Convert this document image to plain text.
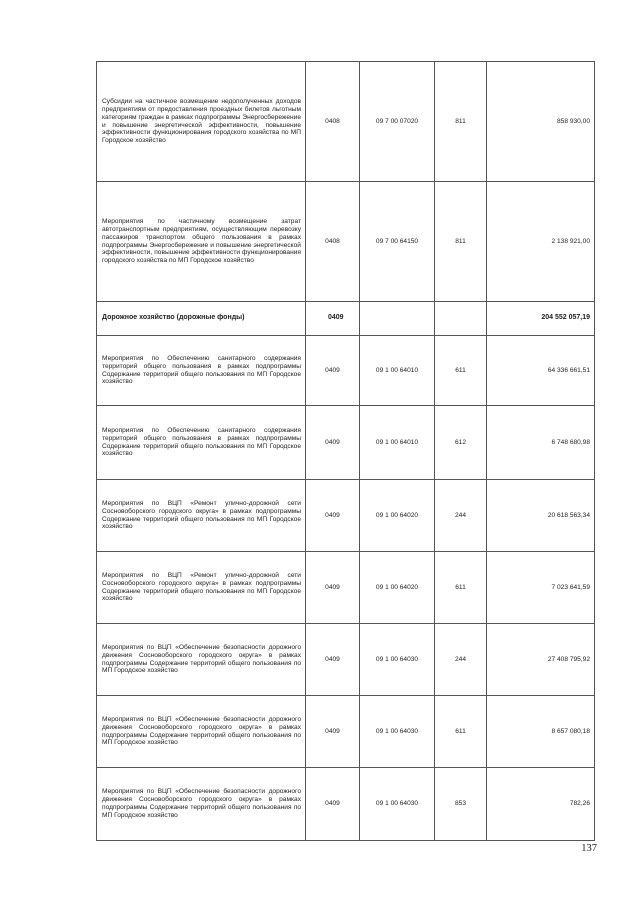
Субсидии на частичное возмещение недополученных доходов предприятиям от предоставления проездных билетов льготным категориям граждан в рамках подпрограммы Энергосбережение и повышение энергетической эффективности, повышение эффективности функционирования городского хозяйства по МП Городское хозяйство	0408	09 7 00 07020	811	858 930,00
Мероприятия по частичному возмещение затрат автотранспортным предприятиям, осуществляющим перевозку пассажиров транспортом общего пользования в рамках подпрограммы Энергосбережение и повышение энергетической эффективности, повышение эффективности функционирования городского хозяйства по МП Городское хозяйство	0408	09 7 00 64150	811	2 138 921,00
Дорожное хозяйство (дорожные фонды)	0409			204 552 057,19
Мероприятия по Обеспечению санитарного содержания территорий общего пользования в рамках подпрограммы Содержание территорий общего пользования по МП Городское хозяйство	0409	09 1 00 64010	611	64 336 661,51
Мероприятия по Обеспечению санитарного содержания территорий общего пользования в рамках подпрограммы Содержание территорий общего пользования по МП Городское хозяйство	0409	09 1 00 64010	612	6 748 680,98
Мероприятия по ВЦП «Ремонт улично-дорожной сети Сосновоборского городского округа» в рамках подпрограммы Содержание территорий общего пользования по МП Городское хозяйство	0409	09 1 00 64020	244	20 618 563,34
Мероприятия по ВЦП «Ремонт улично-дорожной сети Сосновоборского городского округа» в рамках подпрограммы Содержание территорий общего пользования по МП Городское хозяйство	0409	09 1 00 64020	611	7 023 641,59
Мероприятия по ВЦП «Обеспечение безопасности дорожного движения Сосновоборского городского округа» в рамках подпрограммы Содержание территорий общего пользования по МП Городское хозяйство	0409	09 1 00 64030	244	27 408 795,92
Мероприятия по ВЦП «Обеспечение безопасности дорожного движения Сосновоборского городского округа» в рамках подпрограммы Содержание территорий общего пользования по МП Городское хозяйство	0409	09 1 00 64030	611	8 657 080,18
Мероприятия по ВЦП «Обеспечение безопасности дорожного движения Сосновоборского городского округа» в рамках подпрограммы Содержание территорий общего пользования по МП Городское хозяйство	0409	09 1 00 64030	853	782,26
137
